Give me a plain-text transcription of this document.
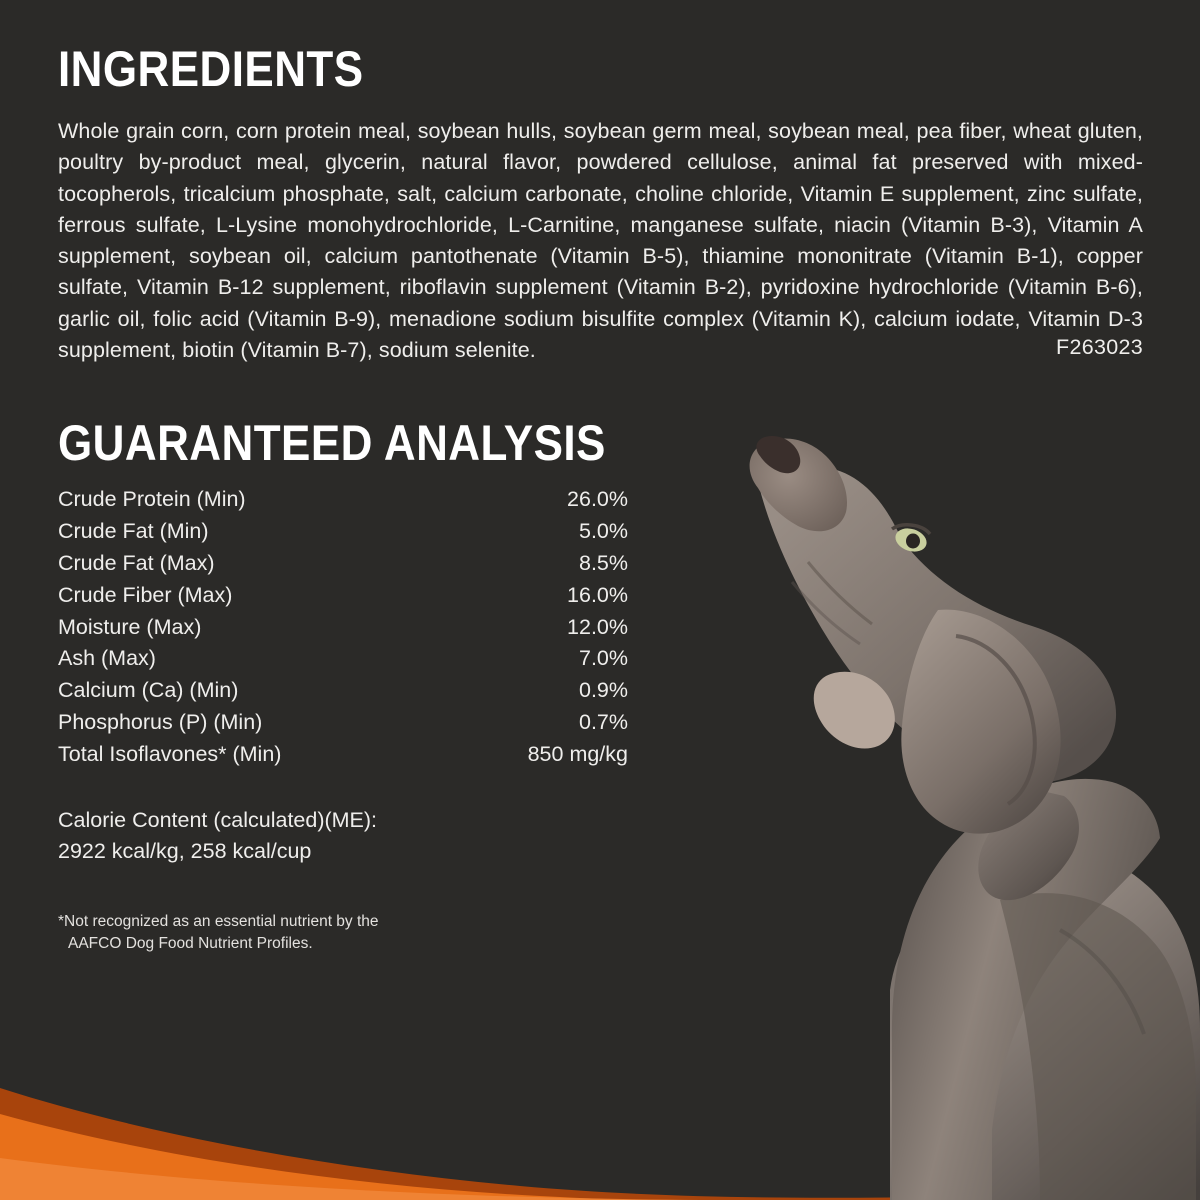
INGREDIENTS

Whole grain corn, corn protein meal, soybean hulls, soybean germ meal, soybean meal, pea fiber, wheat gluten, poultry by-product meal, glycerin, natural flavor, powdered cellulose, animal fat preserved with mixed-tocopherols, tricalcium phosphate, salt, calcium carbonate, choline chloride, Vitamin E supplement, zinc sulfate, ferrous sulfate, L-Lysine monohydrochloride, L-Carnitine, manganese sulfate, niacin (Vitamin B-3), Vitamin A supplement, soybean oil, calcium pantothenate (Vitamin B-5), thiamine mononitrate (Vitamin B-1), copper sulfate, Vitamin B-12 supplement, riboflavin supplement (Vitamin B-2), pyridoxine hydrochloride (Vitamin B-6), garlic oil, folic acid (Vitamin B-9), menadione sodium bisulfite complex (Vitamin K), calcium iodate, Vitamin D-3 supplement, biotin (Vitamin B-7), sodium selenite.	F263023
GUARANTEED ANALYSIS
Crude Protein (Min)	26.0%
Crude Fat (Min)	5.0%
Crude Fat (Max)	8.5%
Crude Fiber (Max)	16.0%
Moisture (Max)	12.0%
Ash (Max)	7.0%
Calcium (Ca) (Min)	0.9%
Phosphorus (P) (Min)	0.7%
Total Isoflavones* (Min)	850 mg/kg
Calorie Content (calculated)(ME):
2922 kcal/kg, 258 kcal/cup
*Not recognized as an essential nutrient by the
AAFCO Dog Food Nutrient Profiles.
